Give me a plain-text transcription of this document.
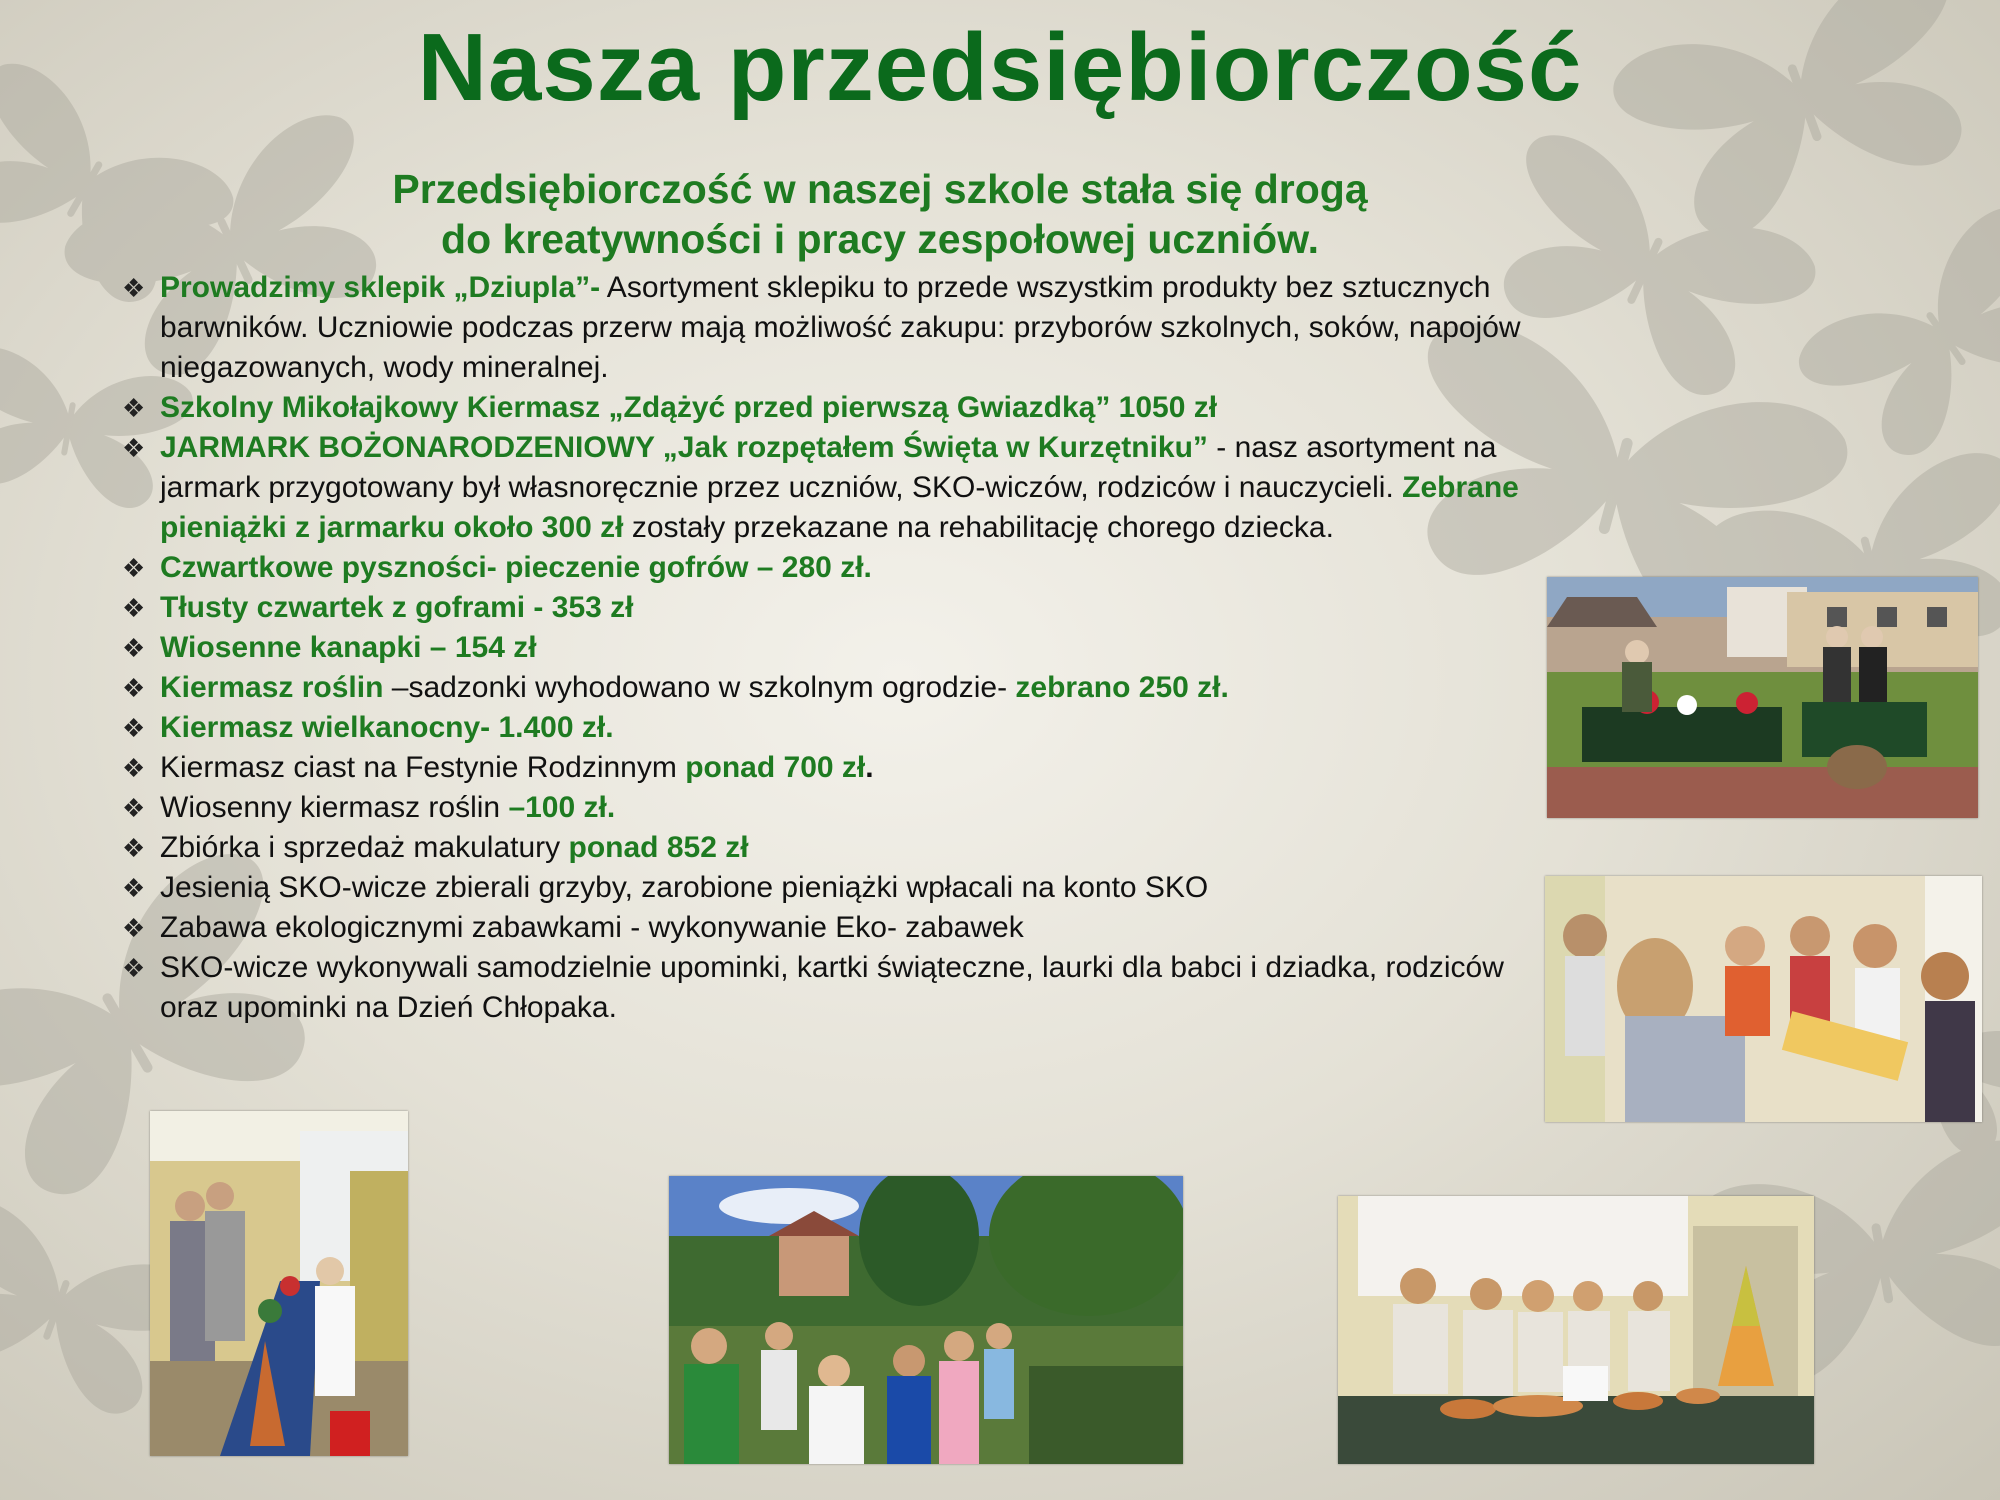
Nasza przedsiębiorczość
Przedsiębiorczość w naszej szkole stała się drogą
do kreatywności i pracy zespołowej uczniów.
❖ Prowadzimy sklepik „Dziupla”- Asortyment sklepiku to przede wszystkim produkty bez sztucznych barwników. Uczniowie podczas przerw mają możliwość zakupu: przyborów szkolnych, soków, napojów niegazowanych, wody mineralnej.
❖ Szkolny Mikołajkowy Kiermasz „Zdążyć przed pierwszą Gwiazdką” 1050 zł
❖ JARMARK BOŻONARODZENIOWY „Jak rozpętałem Święta w Kurzętniku” - nasz asortyment na jarmark przygotowany był własnoręcznie przez uczniów, SKO-wiczów, rodziców i nauczycieli. Zebrane pieniążki z jarmarku około 300 zł zostały przekazane na rehabilitację chorego dziecka.
❖ Czwartkowe pyszności- pieczenie gofrów – 280 zł.
❖ Tłusty czwartek z goframi - 353 zł
❖ Wiosenne kanapki – 154 zł
❖ Kiermasz roślin –sadzonki wyhodowano w szkolnym ogrodzie- zebrano 250 zł.
❖ Kiermasz wielkanocny- 1.400 zł.
❖ Kiermasz ciast na Festynie Rodzinnym ponad 700 zł.
❖ Wiosenny kiermasz roślin –100 zł.
❖ Zbiórka i sprzedaż makulatury ponad 852 zł
❖ Jesienią SKO-wicze zbierali grzyby, zarobione pieniążki wpłacali na konto SKO
❖ Zabawa ekologicznymi zabawkami - wykonywanie Eko- zabawek
❖ SKO-wicze wykonywali samodzielnie upominki, kartki świąteczne, laurki dla babci i dziadka, rodziców oraz upominki na Dzień Chłopaka.
